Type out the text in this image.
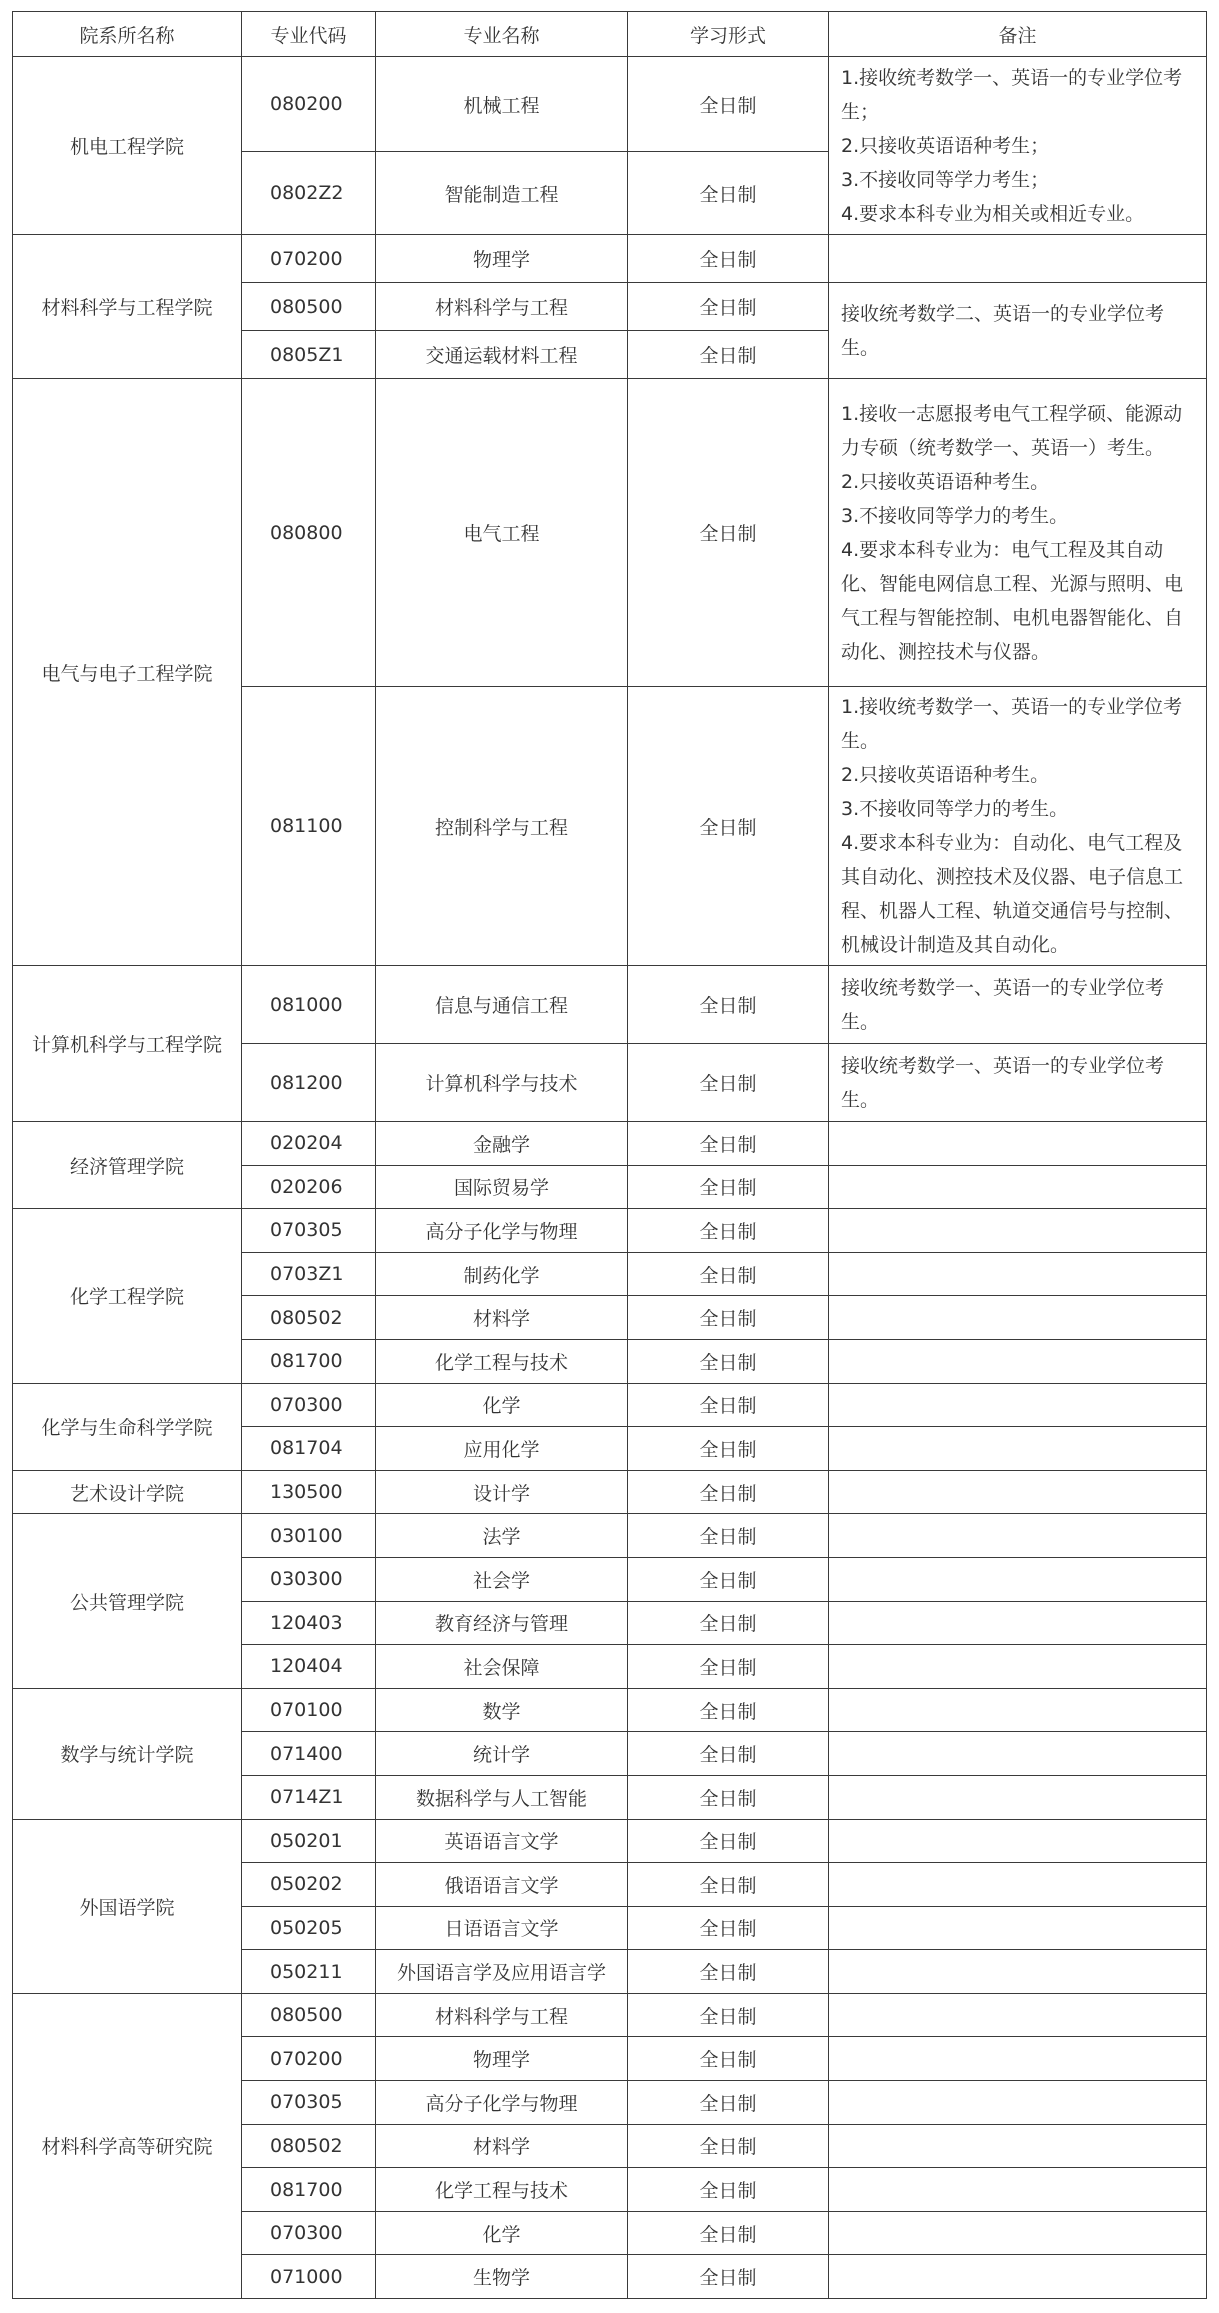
院系所名称	专业代码	专业名称	学习形式	备注
机电工程学院	080200	机械工程	全日制	1.接收统考数学一、英语一的专业学位考生；
2.只接收英语语种考生；
3.不接收同等学力考生；
4.要求本科专业为相关或相近专业。
	0802Z2	智能制造工程	全日制	
材料科学与工程学院	070200	物理学	全日制	
	080500	材料科学与工程	全日制	接收统考数学二、英语一的专业学位考生。
	0805Z1	交通运载材料工程	全日制	
电气与电子工程学院	080800	电气工程	全日制	1.接收一志愿报考电气工程学硕、能源动力专硕（统考数学一、英语一）考生。
2.只接收英语语种考生。
3.不接收同等学力的考生。
4.要求本科专业为：电气工程及其自动化、智能电网信息工程、光源与照明、电气工程与智能控制、电机电器智能化、自动化、测控技术与仪器。
	081100	控制科学与工程	全日制	1.接收统考数学一、英语一的专业学位考生。
2.只接收英语语种考生。
3.不接收同等学力的考生。
4.要求本科专业为：自动化、电气工程及其自动化、测控技术及仪器、电子信息工程、机器人工程、轨道交通信号与控制、机械设计制造及其自动化。
计算机科学与工程学院	081000	信息与通信工程	全日制	接收统考数学一、英语一的专业学位考生。
	081200	计算机科学与技术	全日制	接收统考数学一、英语一的专业学位考生。
经济管理学院	020204	金融学	全日制	
	020206	国际贸易学	全日制	
化学工程学院	070305	高分子化学与物理	全日制	
	0703Z1	制药化学	全日制	
	080502	材料学	全日制	
	081700	化学工程与技术	全日制	
化学与生命科学学院	070300	化学	全日制	
	081704	应用化学	全日制	
艺术设计学院	130500	设计学	全日制	
公共管理学院	030100	法学	全日制	
	030300	社会学	全日制	
	120403	教育经济与管理	全日制	
	120404	社会保障	全日制	
数学与统计学院	070100	数学	全日制	
	071400	统计学	全日制	
	0714Z1	数据科学与人工智能	全日制	
外国语学院	050201	英语语言文学	全日制	
	050202	俄语语言文学	全日制	
	050205	日语语言文学	全日制	
	050211	外国语言学及应用语言学	全日制	
材料科学高等研究院	080500	材料科学与工程	全日制	
	070200	物理学	全日制	
	070305	高分子化学与物理	全日制	
	080502	材料学	全日制	
	081700	化学工程与技术	全日制	
	070300	化学	全日制	
	071000	生物学	全日制	
